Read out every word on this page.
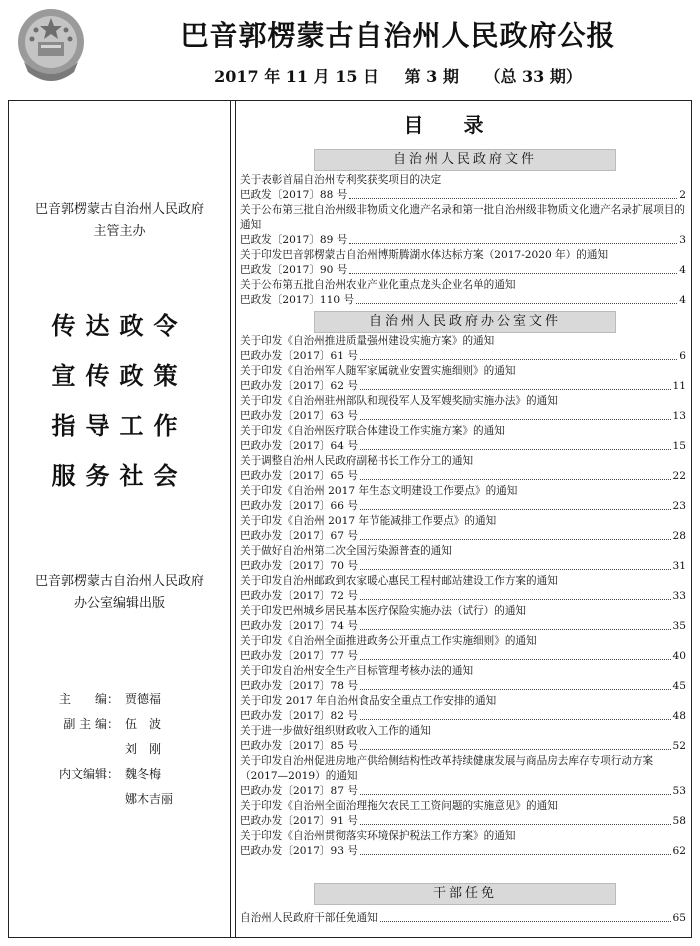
巴音郭楞蒙古自治州人民政府公报
2017 年 11 月 15 日 第 3 期 （总 33 期）
巴音郭楞蒙古自治州人民政府
主管主办
传达政令
宣传政策
指导工作
服务社会
巴音郭楞蒙古自治州人民政府
办公室编辑出版
主　　编： 贾德福
副 主 编： 伍　波
刘　刚
内文编辑： 魏冬梅
娜木吉丽
目录
自治州人民政府文件
关于表彰首届自治州专利奖获奖项目的决定
巴政发〔2017〕88 号	2
关于公布第三批自治州级非物质文化遗产名录和第一批自治州级非物质文化遗产名录扩展项目的通知
巴政发〔2017〕89 号	3
关于印发巴音郭楞蒙古自治州博斯腾湖水体达标方案（2017-2020 年）的通知
巴政发〔2017〕90 号	4
关于公布第五批自治州农业产业化重点龙头企业名单的通知
巴政发〔2017〕110 号	4
自治州人民政府办公室文件
关于印发《自治州推进质量强州建设实施方案》的通知
巴政办发〔2017〕61 号	6
关于印发《自治州军人随军家属就业安置实施细则》的通知
巴政办发〔2017〕62 号	11
关于印发《自治州驻州部队和现役军人及军嫂奖励实施办法》的通知
巴政办发〔2017〕63 号	13
关于印发《自治州医疗联合体建设工作实施方案》的通知
巴政办发〔2017〕64 号	15
关于调整自治州人民政府副秘书长工作分工的通知
巴政办发〔2017〕65 号	22
关于印发《自治州 2017 年生态文明建设工作要点》的通知
巴政办发〔2017〕66 号	23
关于印发《自治州 2017 年节能减排工作要点》的通知
巴政办发〔2017〕67 号	28
关于做好自治州第二次全国污染源普查的通知
巴政办发〔2017〕70 号	31
关于印发自治州邮政到农家暖心惠民工程村邮站建设工作方案的通知
巴政办发〔2017〕72 号	33
关于印发巴州城乡居民基本医疗保险实施办法（试行）的通知
巴政办发〔2017〕74 号	35
关于印发《自治州全面推进政务公开重点工作实施细则》的通知
巴政办发〔2017〕77 号	40
关于印发自治州安全生产目标管理考核办法的通知
巴政办发〔2017〕78 号	45
关于印发 2017 年自治州食品安全重点工作安排的通知
巴政办发〔2017〕82 号	48
关于进一步做好组织财政收入工作的通知
巴政办发〔2017〕85 号	52
关于印发自治州促进房地产供给侧结构性改革持续健康发展与商品房去库存专项行动方案（2017—2019）的通知
巴政办发〔2017〕87 号	53
关于印发《自治州全面治理拖欠农民工工资问题的实施意见》的通知
巴政办发〔2017〕91 号	58
关于印发《自治州贯彻落实环境保护税法工作方案》的通知
巴政办发〔2017〕93 号	62
干部任免
自治州人民政府干部任免通知	65
